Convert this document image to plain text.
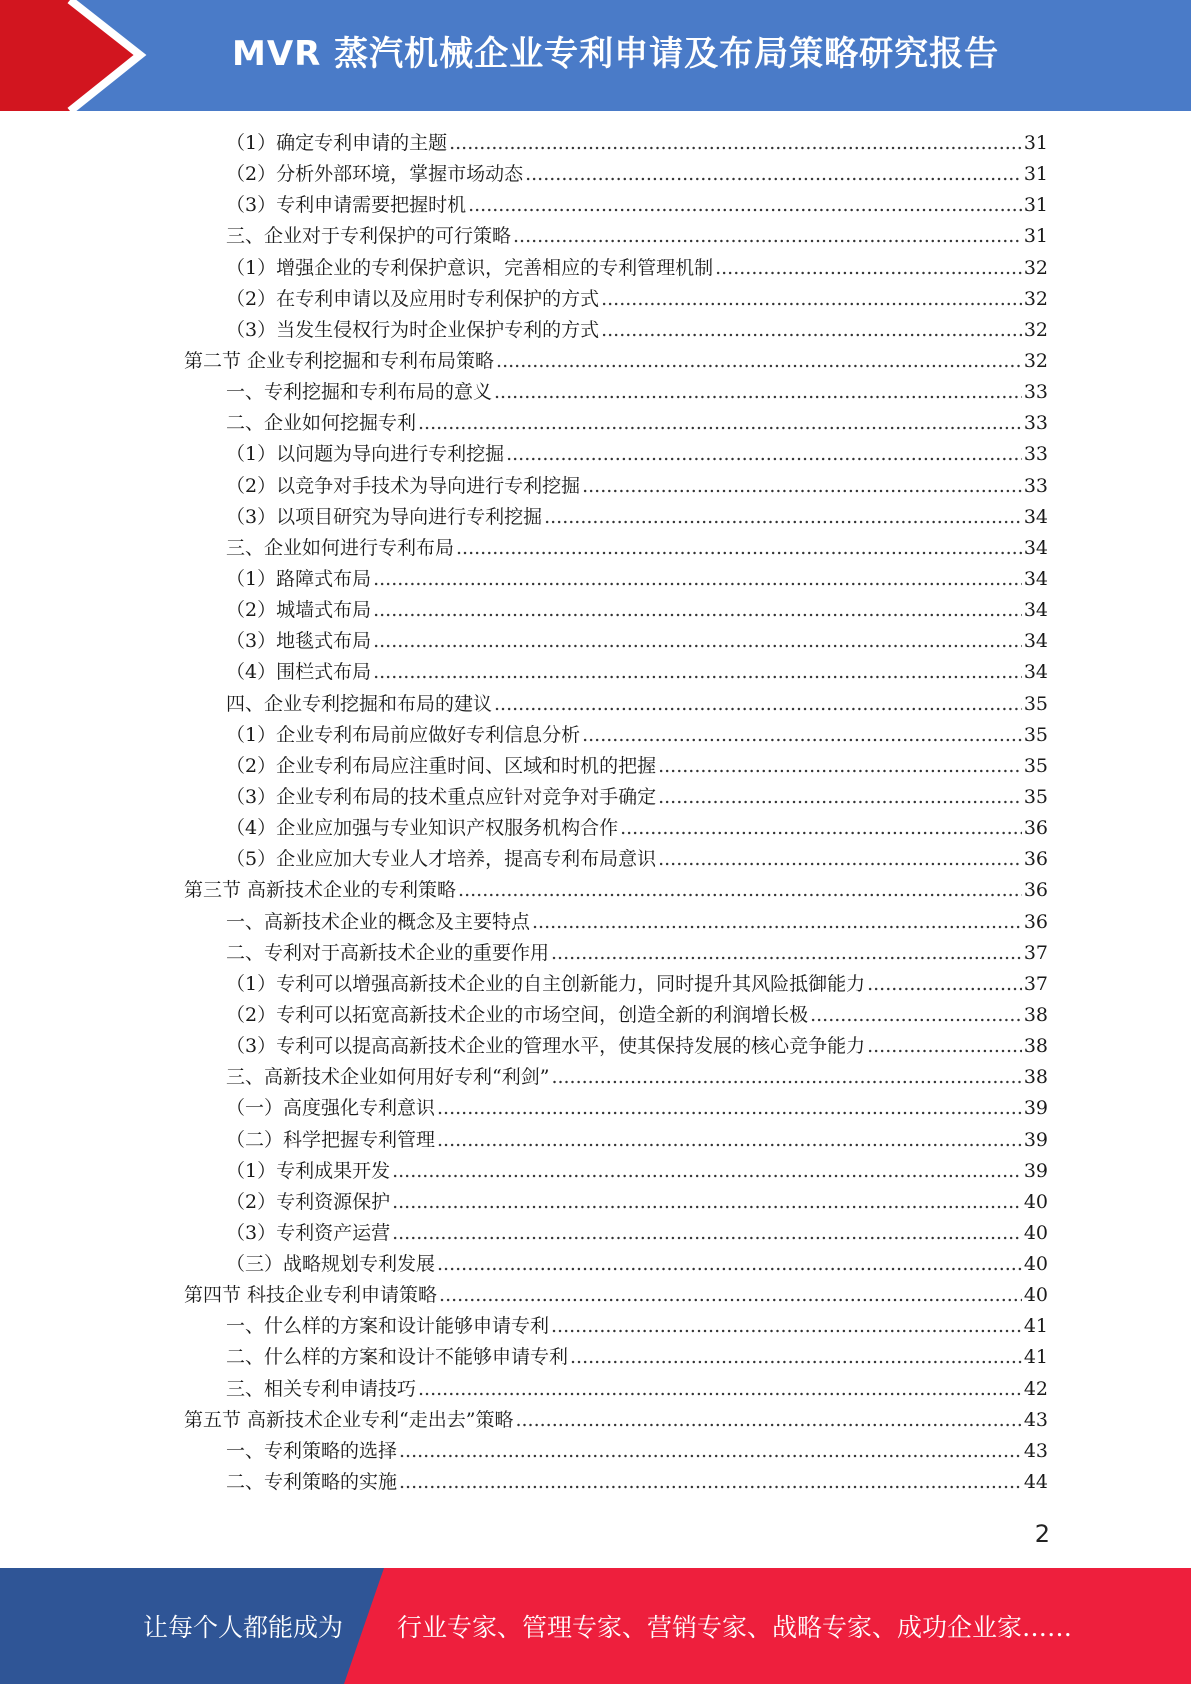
MVR 蒸汽机械企业专利申请及布局策略研究报告
（1）确定专利申请的主题 .....	31
（2）分析外部环境，掌握市场动态 .....	31
（3）专利申请需要把握时机 .....	31
三、企业对于专利保护的可行策略 .....	31
（1）增强企业的专利保护意识，完善相应的专利管理机制 .....	32
（2）在专利申请以及应用时专利保护的方式 .....	32
（3）当发生侵权行为时企业保护专利的方式 .....	32
第二节 企业专利挖掘和专利布局策略 .....	32
一、专利挖掘和专利布局的意义 .....	33
二、企业如何挖掘专利 .....	33
（1）以问题为导向进行专利挖掘 .....	33
（2）以竞争对手技术为导向进行专利挖掘 .....	33
（3）以项目研究为导向进行专利挖掘 .....	34
三、企业如何进行专利布局 .....	34
（1）路障式布局 .....	34
（2）城墙式布局 .....	34
（3）地毯式布局 .....	34
（4）围栏式布局 .....	34
四、企业专利挖掘和布局的建议 .....	35
（1）企业专利布局前应做好专利信息分析 .....	35
（2）企业专利布局应注重时间、区域和时机的把握 .....	35
（3）企业专利布局的技术重点应针对竞争对手确定 .....	35
（4）企业应加强与专业知识产权服务机构合作 .....	36
（5）企业应加大专业人才培养，提高专利布局意识 .....	36
第三节 高新技术企业的专利策略 .....	36
一、高新技术企业的概念及主要特点 .....	36
二、专利对于高新技术企业的重要作用 .....	37
（1）专利可以增强高新技术企业的自主创新能力，同时提升其风险抵御能力 .....	37
（2）专利可以拓宽高新技术企业的市场空间，创造全新的利润增长极 .....	38
（3）专利可以提高高新技术企业的管理水平，使其保持发展的核心竞争能力 .....	38
三、高新技术企业如何用好专利“利剑” .....	38
（一）高度强化专利意识 .....	39
（二）科学把握专利管理 .....	39
（1）专利成果开发 .....	39
（2）专利资源保护 .....	40
（3）专利资产运营 .....	40
（三）战略规划专利发展 .....	40
第四节 科技企业专利申请策略 .....	40
一、什么样的方案和设计能够申请专利 .....	41
二、什么样的方案和设计不能够申请专利 .....	41
三、相关专利申请技巧 .....	42
第五节 高新技术企业专利“走出去”策略 .....	43
一、专利策略的选择 .....	43
二、专利策略的实施 .....	44
2
让每个人都能成为 行业专家、管理专家、营销专家、战略专家、成功企业家……
